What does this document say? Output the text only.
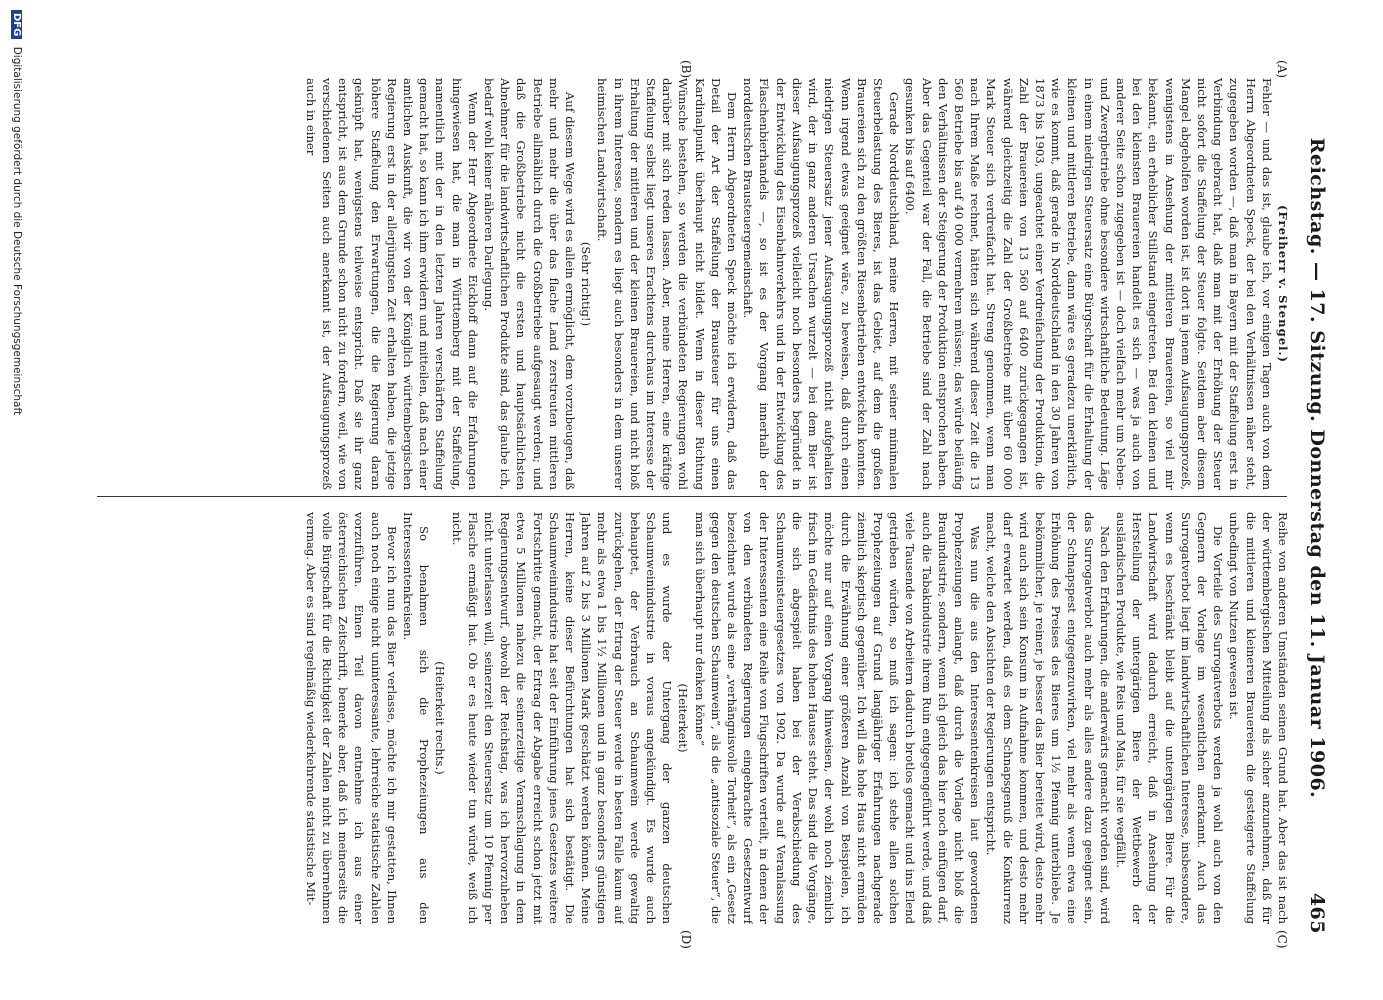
Reichstag. — 17. Sitzung. Donnerstag den 11. Januar 1906.
465
(A)
(B)
(C)
(D)

(Freiherr v. Stengel.)

Fehler — und das ist, glaube ich, vor einigen Tagen auch von dem Herrn Abgeordneten Speck, der bei den Verhältnissen näher steht, zugegeben worden —, daß man in Bayern mit der Staffelung erst in Verbindung gebracht hat, daß man mit der Erhöhung der Steuer nicht sofort die Staffelung der Steuer folgte. Seitdem aber diesem Mangel abgeholfen worden ist, ist dort in jenem Aufsaugungsprozeß, wenigstens in Ansehung der mittleren Brauereien, so viel mir bekannt, ein erheblicher Stillstand eingetreten. Bei den kleinen und bei den kleinsten Brauereien handelt es sich — was ja auch von anderer Seite schon zugegeben ist — doch vielfach mehr um Neben- und Zwergbetriebe ohne besondere wirtschaftliche Bedeutung. Läge in einem niedrigen Steuersatz eine Bürgschaft für die Erhaltung der kleinen und mittleren Betriebe, dann wäre es geradezu unerklärlich, wie es kommt, daß gerade in Norddeutschland in den 30 Jahren von 1873 bis 1903, ungeachtet einer Verdreifachung der Produktion, die Zahl der Brauereien von 13 560 auf 6400 zurückgegangen ist, während gleichzeitig die Zahl der Großbetriebe mit über 60 000 Mark Steuer sich verdreifacht hat. Streng genommen, wenn man nach Ihrem Maße rechnet, hätten sich während dieser Zeit die 13 560 Betriebe bis auf 40 000 vermehren müssen; das würde beiläufig den Verhältnissen der Steigerung der Produktion entsprochen haben. Aber das Gegenteil war der Fall, die Betriebe sind der Zahl nach gesunken bis auf 6400.

Gerade Norddeutschland, meine Herren, mit seiner minimalen Steuerbelastung des Bieres, ist das Gebiet, auf dem die großen Brauereien sich zu den größten Riesenbetrieben entwickeln konnten. Wenn irgend etwas geeignet wäre, zu beweisen, daß durch einen niedrigen Steuersatz jener Aufsaugungsprozeß nicht aufgehalten wird, der in ganz anderen Ursachen wurzelt — bei dem Bier ist dieser Aufsaugungsprozeß vielleicht noch besonders begründet in der Entwicklung des Eisenbahnverkehrs und in der Entwicklung des Flaschenbierhandels —, so ist es der Vorgang innerhalb der norddeutschen Brausteuergemeinschaft.

Dem Herrn Abgeordneten Speck möchte ich erwidern, daß das Detail der Art der Staffelung der Brausteuer für uns einen Kardinalpunkt überhaupt nicht bildet. Wenn in dieser Richtung Wünsche bestehen, so werden die verbündeten Regierungen wohl darüber mit sich reden lassen. Aber, meine Herren, eine kräftige Staffelung selbst liegt unseres Erachtens durchaus im Interesse der Erhaltung der mittleren und der kleinen Brauereien, und nicht bloß in ihrem Interesse, sondern es liegt auch besonders in dem unserer heimischen Landwirtschaft.

(Sehr richtig!)

Auf diesem Wege wird es allein ermöglicht, dem vorzubeugen, daß mehr und mehr die über das flache Land zerstreuten mittleren Betriebe allmählich durch die Großbetriebe aufgesaugt werden; und daß die Großbetriebe nicht die ersten und hauptsächlichsten Abnehmer für die landwirtschaftlichen Produkte sind, das glaube ich, bedarf wohl keiner näheren Darlegung.

Wenn der Herr Abgeordnete Eickhoff dann auf die Erfahrungen hingewiesen hat, die man in Württemberg mit der Staffelung, namentlich mit der in den letzten Jahren verschärften Staffelung gemacht hat, so kann ich ihm erwidern und mitteilen, daß nach einer amtlichen Auskunft, die wir von der Königlich württembergischen Regierung erst in der allerjüngsten Zeit erhalten haben, die jetzige höhere Staffelung den Erwartungen, die die Regierung daran geknüpft hat, wenigstens teilweise entspricht. Daß sie ihr ganz entspricht, ist aus dem Grunde schon nicht zu fordern, weil, wie von verschiedenen Seiten auch anerkannt ist, der Aufsaugungsprozeß auch in einer

Reihe von anderen Umständen seinen Grund hat. Aber das ist nach der württembergischen Mitteilung als sicher anzunehmen, daß für die mittleren und kleineren Brauereien die gesteigerte Staffelung unbedingt von Nutzen gewesen ist.

Die Vorteile des Surrogatverbots werden ja wohl auch von den Gegnern der Vorlage im wesentlichen anerkannt. Auch das Surrogatverbot liegt im landwirtschaftlichen Interesse, insbesondere, wenn es beschränkt bleibt auf die untergärigen Biere. Für die Landwirtschaft wird dadurch erreicht, daß in Ansehung der Herstellung der untergärigen Biere der Wettbewerb der ausländischen Produkte, wie Reis und Mais, für sie wegfällt.

Nach den Erfahrungen, die anderwärts gemacht worden sind, wird das Surrogatverbot auch mehr als alles andere dazu geeignet sein, der Schnapspest entgegenzuwirken, viel mehr als wenn etwa eine Erhöhung des Preises des Bieres um 1½ Pfennig unterbliebe. Je bekömmlicher, je reiner, je besser das Bier bereitet wird, desto mehr wird auch sich sein Konsum in Aufnahme kommen, und desto mehr darf erwartet werden, daß es dem Schnapsgenuß die Konkurrenz macht, welche den Absichten der Regierungen entspricht.

Was nun die aus den Interessentenkreisen laut gewordenen Prophezeiungen anlangt, daß durch die Vorlage nicht bloß die Brauindustrie, sondern, wenn ich gleich das hier noch einfügen darf, auch die Tabakindustrie ihrem Ruin entgegengeführt werde, und daß viele Tausende von Arbeitern dadurch brotlos gemacht und ins Elend getrieben würden, so muß ich sagen: ich stehe allen solchen Prophezeiungen auf Grund langjähriger Erfahrungen nachgerade ziemlich skeptisch gegenüber. Ich will das hohe Haus nicht ermüden durch die Erwähnung einer größeren Anzahl von Beispielen, ich möchte nur auf einen Vorgang hinweisen, der wohl noch ziemlich frisch im Gedächtnis des hohen Hauses steht. Das sind die Vorgänge, die sich abgespielt haben bei der Verabschiedung des Schaumweinsteuergesetzes von 1902. Da wurde auf Veranlassung der Interessenten eine Reihe von Flugschriften verteilt, in denen der von den verbündeten Regierungen eingebrachte Gesetzentwurf bezeichnet wurde als eine „verhängnisvolle Torheit“, als ein „Gesetz gegen den deutschen Schaumwein“, als die „antisoziale Steuer“, die man sich überhaupt nur denken könne“

(Heiterkeit)

und es wurde der Untergang der ganzen deutschen Schaumweinindustrie in voraus angekündigt. Es wurde auch behauptet, der Verbrauch an Schaumwein werde gewaltig zurückgehen, der Ertrag der Steuer werde in besten Falle kaum auf mehr als etwa 1 bis 1½ Millionen und in ganz besonders günstigen Jahren auf 2 bis 3 Millionen Mark geschätzt werden können. Meine Herren, keine dieser Befürchtungen hat sich bestätigt. Die Schaumweinindustrie hat seit der Einführung jenes Gesetzes weitere Fortschritte gemacht, der Ertrag der Abgabe erreicht schon jetzt mit etwa 5 Millionen nahezu die seinerzeitige Veranschlagung in dem Regierungsentwurf, obwohl der Reichstag, was ich hervorzuheben nicht unterlassen will, seinerzeit den Steuersatz um 10 Pfennig per Flasche ermäßigt hat. Ob er es heute wieder tun würde, weiß ich nicht.

(Heiterkeit rechts.)

So benahmen sich die Prophezeiungen aus den Interessentenkreisen.

Bevor ich nun das Bier verlasse, möchte ich mir gestatten, Ihnen auch noch einige nicht uninteressante, lehrreiche statistische Zahlen vorzuführen. Einen Teil davon entnehme ich aus einer österreichischen Zeitschrift, bemerke aber, daß ich meinerseits die volle Bürgschaft für die Richtigkeit der Zahlen nicht zu übernehmen vermag. Aber es sind regelmäßig wiederkehrende statistische Mit-

DFG Digitalisierung gefördert durch die Deutsche Forschungsgemeinschaft
